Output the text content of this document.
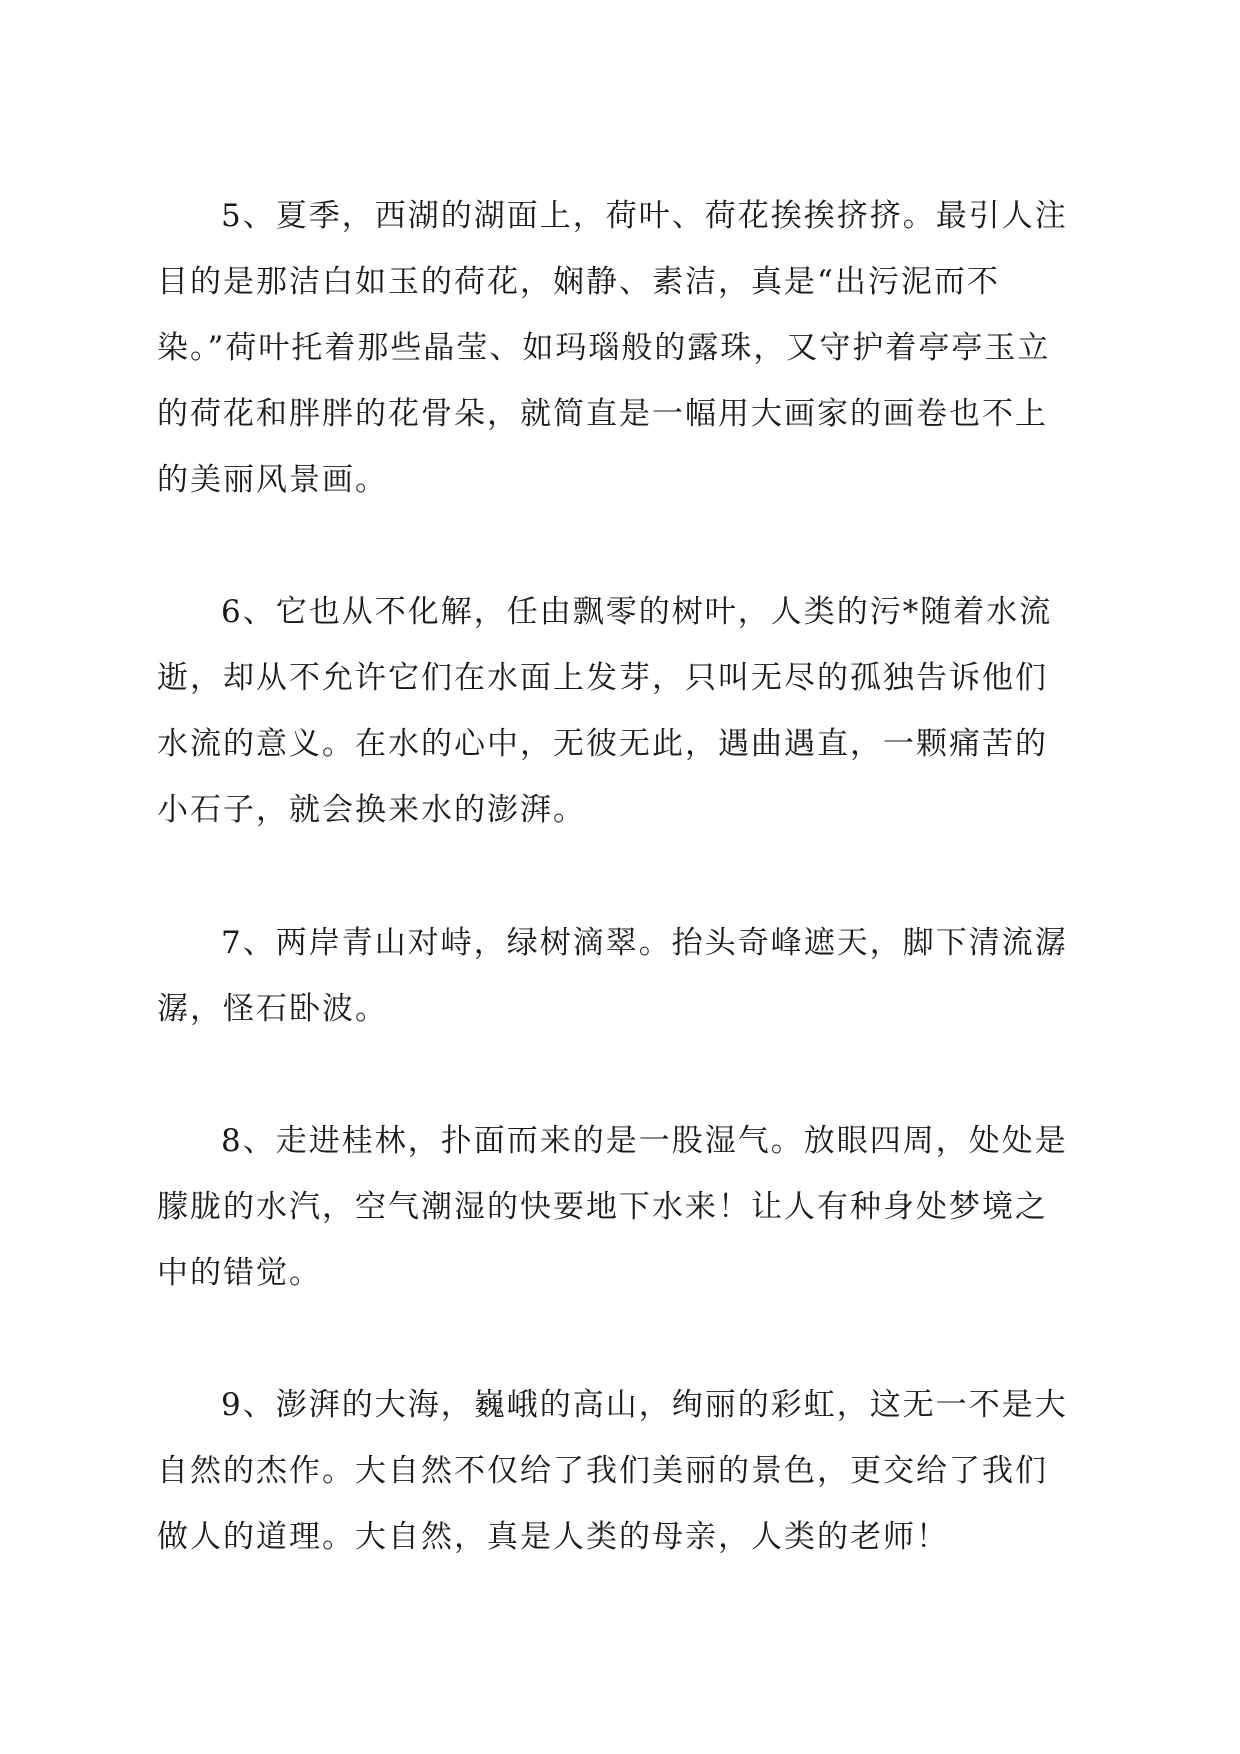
5、夏季，西湖的湖面上，荷叶、荷花挨挨挤挤。最引人注目的是那洁白如玉的荷花，娴静、素洁，真是“出污泥而不染。”荷叶托着那些晶莹、如玛瑙般的露珠，又守护着亭亭玉立的荷花和胖胖的花骨朵，就简直是一幅用大画家的画卷也不上的美丽风景画。

6、它也从不化解，任由飘零的树叶，人类的污*随着水流逝，却从不允许它们在水面上发芽，只叫无尽的孤独告诉他们水流的意义。在水的心中，无彼无此，遇曲遇直，一颗痛苦的小石子，就会换来水的澎湃。

7、两岸青山对峙，绿树滴翠。抬头奇峰遮天，脚下清流潺潺，怪石卧波。

8、走进桂林，扑面而来的是一股湿气。放眼四周，处处是朦胧的水汽，空气潮湿的快要地下水来！让人有种身处梦境之中的错觉。

9、澎湃的大海，巍峨的高山，绚丽的彩虹，这无一不是大自然的杰作。大自然不仅给了我们美丽的景色，更交给了我们做人的道理。大自然，真是人类的母亲，人类的老师！
